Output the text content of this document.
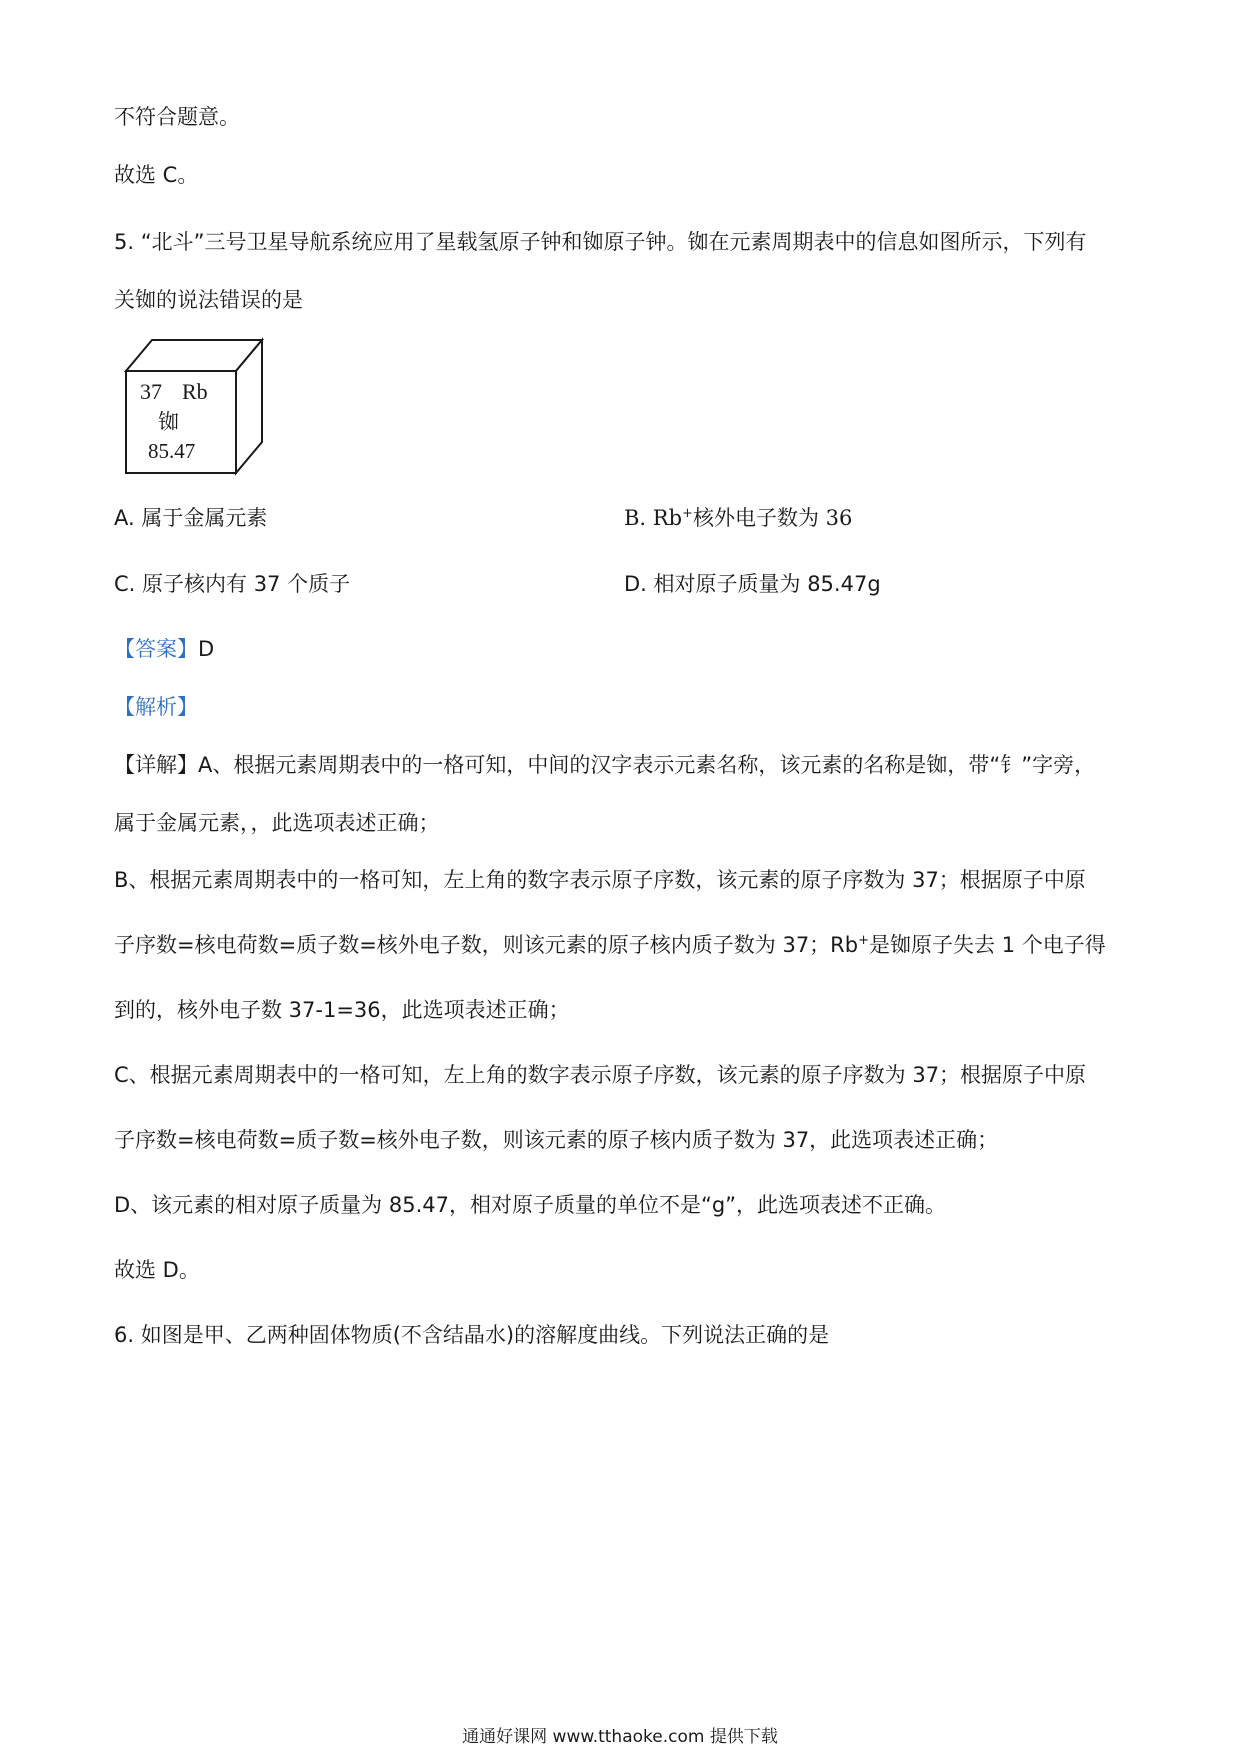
不符合题意。

故选 C。

5. “北斗”三号卫星导航系统应用了星载氢原子钟和铷原子钟。铷在元素周期表中的信息如图所示，下列有

关铷的说法错误的是

37 Rb
铷
85.47

A. 属于金属元素	B. Rb+核外电子数为 36

C. 原子核内有 37 个质子	D. 相对原子质量为 85.47g

【答案】D

【解析】

【详解】A、根据元素周期表中的一格可知，中间的汉字表示元素名称，该元素的名称是铷，带“钅”字旁，

属于金属元素，，此选项表述正确；

B、根据元素周期表中的一格可知，左上角的数字表示原子序数，该元素的原子序数为 37；根据原子中原

子序数=核电荷数=质子数=核外电子数，则该元素的原子核内质子数为 37；Rb+是铷原子失去 1 个电子得

到的，核外电子数 37-1=36，此选项表述正确；

C、根据元素周期表中的一格可知，左上角的数字表示原子序数，该元素的原子序数为 37；根据原子中原

子序数=核电荷数=质子数=核外电子数，则该元素的原子核内质子数为 37，此选项表述正确；

D、该元素的相对原子质量为 85.47，相对原子质量的单位不是“g”，此选项表述不正确。

故选 D。

6. 如图是甲、乙两种固体物质(不含结晶水)的溶解度曲线。下列说法正确的是

通通好课网 www.tthaoke.com 提供下载
